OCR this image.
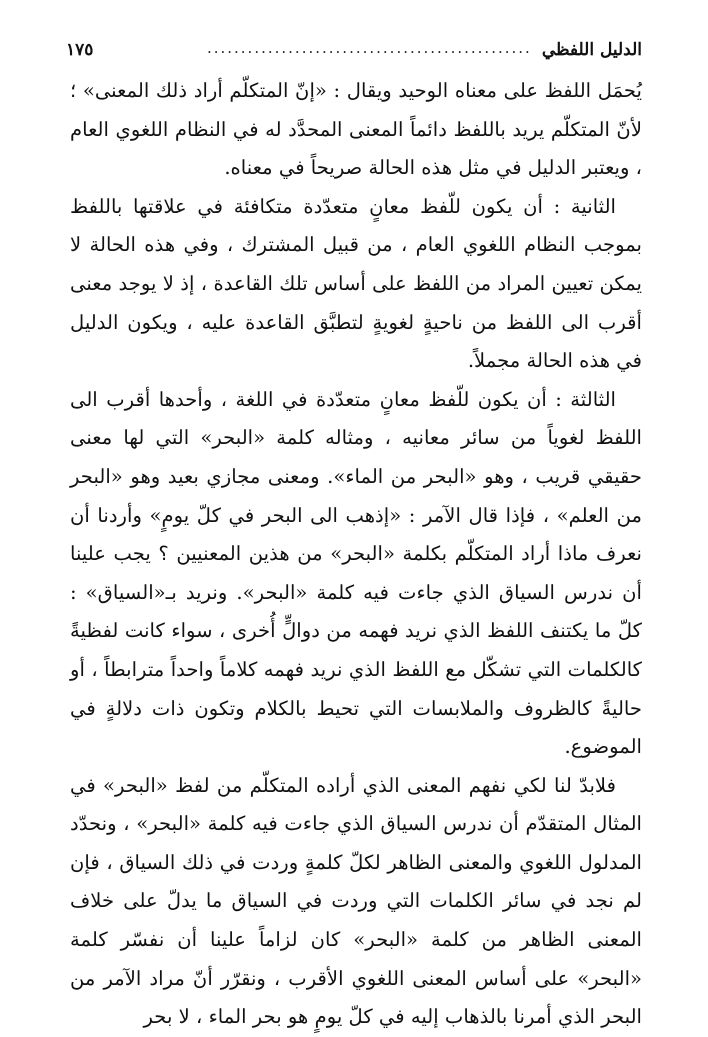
الدليل اللفظي
................................................
١٧٥

يُحمَل اللفظ على معناه الوحيد ويقال : «إنّ المتكلّم أراد ذلك المعنى» ؛ لأنّ المتكلّم يريد باللفظ دائماً المعنى المحدَّد له في النظام اللغوي العام ، ويعتبر الدليل في مثل هذه الحالة صريحاً في معناه.

الثانية : أن يكون للّفظ معانٍ متعدّدة متكافئة في علاقتها باللفظ بموجب النظام اللغوي العام ، من قبيل المشترك ، وفي هذه الحالة لا يمكن تعيين المراد من اللفظ على أساس تلك القاعدة ، إذ لا يوجد معنى أقرب الى اللفظ من ناحيةٍ لغويةٍ لتطبَّق القاعدة عليه ، ويكون الدليل في هذه الحالة مجملاً.

الثالثة : أن يكون للّفظ معانٍ متعدّدة في اللغة ، وأحدها أقرب الى اللفظ لغوياً من سائر معانيه ، ومثاله كلمة «البحر» التي لها معنى حقيقي قريب ، وهو «البحر من الماء». ومعنى مجازي بعيد وهو «البحر من العلم» ، فإذا قال الآمر : «إذهب الى البحر في كلّ يومٍ» وأردنا أن نعرف ماذا أراد المتكلّم بكلمة «البحر» من هذين المعنيين ؟ يجب علينا أن ندرس السياق الذي جاءت فيه كلمة «البحر». ونريد بـ«السياق» : كلّ ما يكتنف اللفظ الذي نريد فهمه من دوالٍّ أُخرى ، سواء كانت لفظيةً كالكلمات التي تشكّل مع اللفظ الذي نريد فهمه كلاماً واحداً مترابطاً ، أو حاليةً كالظروف والملابسات التي تحيط بالكلام وتكون ذات دلالةٍ في الموضوع.

فلابدّ لنا لكي نفهم المعنى الذي أراده المتكلّم من لفظ «البحر» في المثال المتقدّم أن ندرس السياق الذي جاءت فيه كلمة «البحر» ، ونحدّد المدلول اللغوي والمعنى الظاهر لكلّ كلمةٍ وردت في ذلك السياق ، فإن لم نجد في سائر الكلمات التي وردت في السياق ما يدلّ على خلاف المعنى الظاهر من كلمة «البحر» كان لزاماً علينا أن نفسّر كلمة «البحر» على أساس المعنى اللغوي الأقرب ، ونقرّر أنّ مراد الآمر من البحر الذي أمرنا بالذهاب إليه في كلّ يومٍ هو بحر الماء ، لا بحر
